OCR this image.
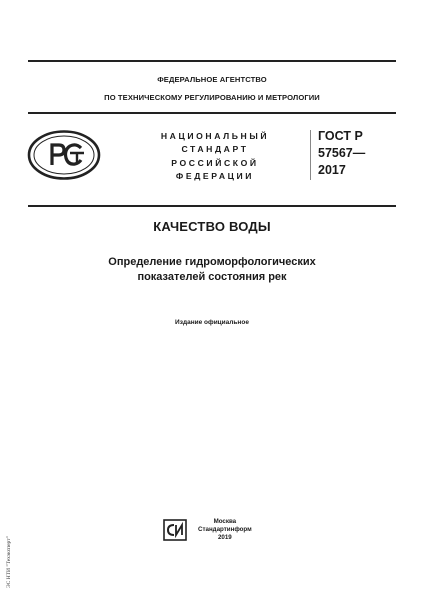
ФЕДЕРАЛЬНОЕ АГЕНТСТВО
ПО ТЕХНИЧЕСКОМУ РЕГУЛИРОВАНИЮ И МЕТРОЛОГИИ
НАЦИОНАЛЬНЫЙ
СТАНДАРТ
РОССИЙСКОЙ
ФЕДЕРАЦИИ
ГОСТ Р
57567—
2017
КАЧЕСТВО ВОДЫ
Определение гидроморфологических
показателей состояния рек
Издание официальное
Москва
Стандартинформ
2019
ЭС НТИ "Техэксперт"
